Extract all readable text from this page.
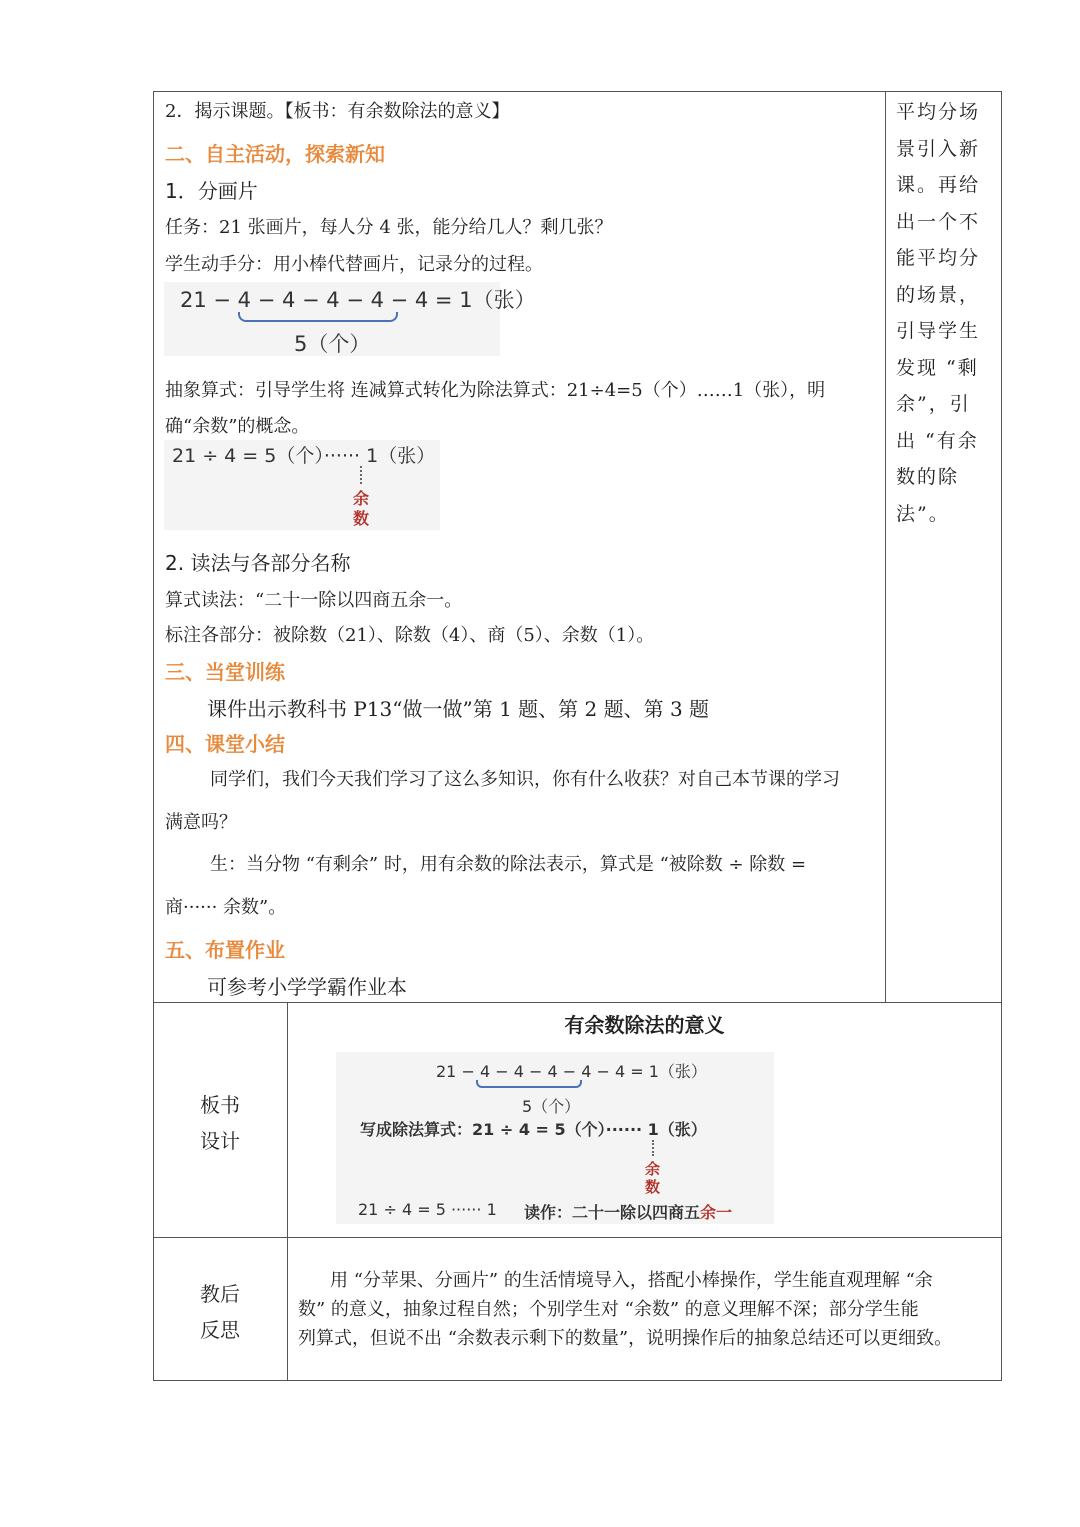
2．揭示课题。【板书：有余数除法的意义】
二、自主活动，探索新知
1．分画片
任务：21 张画片，每人分 4 张，能分给几人？剩几张？
学生动手分：用小棒代替画片，记录分的过程。
21 − 4 − 4 − 4 − 4 − 4 = 1（张）
5（个）
抽象算式：引导学生将 连减算式转化为除法算式：21÷4=5（个）……1（张），明
确“余数”的概念。
21 ÷ 4 = 5（个）······ 1（张）
余
数
2. 读法与各部分名称
算式读法：“二十一除以四商五余一。
标注各部分：被除数（21）、除数（4）、商（5）、余数（1）。
三、当堂训练
课件出示教科书 P13“做一做”第 1 题、第 2 题、第 3 题
四、课堂小结
同学们，我们今天我们学习了这么多知识，你有什么收获？对自己本节课的学习
满意吗？
生：当分物 “有剩余” 时，用有余数的除法表示，算式是 “被除数 ÷ 除数 =
商······ 余数”。
五、布置作业
可参考小学学霸作业本
平均分场
景引入新
课。再给
出一个不
能平均分
的场景，
引导学生
发现 “剩
余”，引
出 “有余
数的除
法”。
板书
设计
有余数除法的意义
21 − 4 − 4 − 4 − 4 − 4 = 1（张）
5（个）
写成除法算式：21 ÷ 4 = 5（个）······ 1（张）
余
数
21 ÷ 4 = 5 ······ 1 读作：二十一除以四商五余一
教后
反思
用 “分苹果、分画片” 的生活情境导入，搭配小棒操作，学生能直观理解 “余
数” 的意义，抽象过程自然；个别学生对 “余数” 的意义理解不深；部分学生能
列算式，但说不出 “余数表示剩下的数量”，说明操作后的抽象总结还可以更细致。
